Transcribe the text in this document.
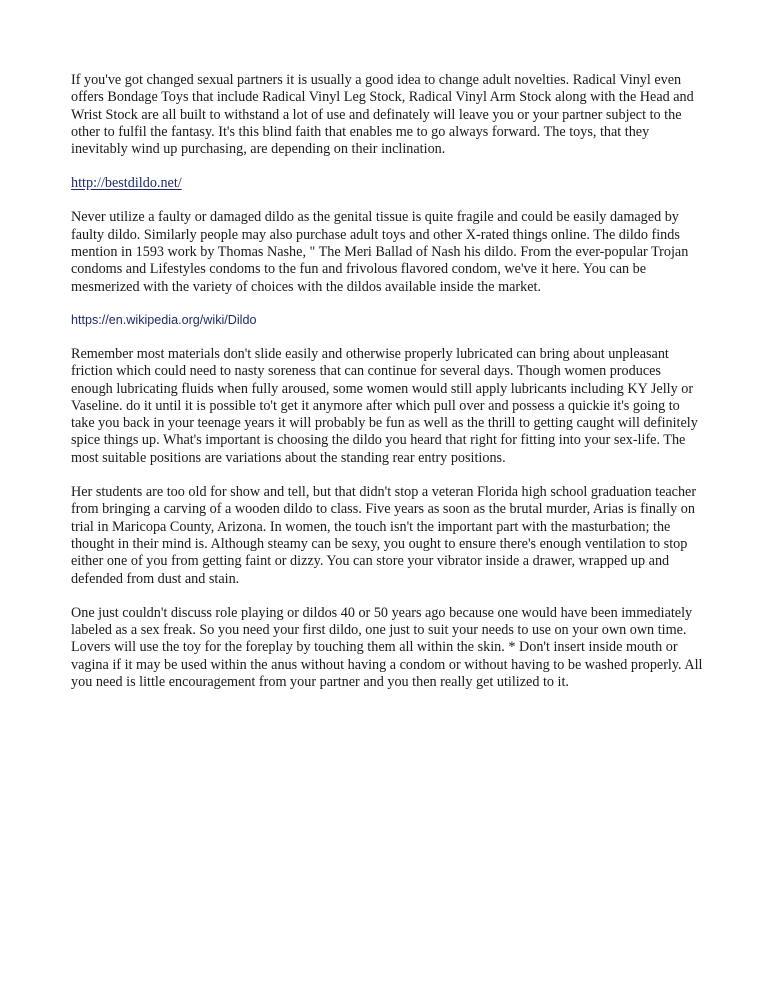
If you've got changed sexual partners it is usually a good idea to change adult novelties. Radical Vinyl even offers Bondage Toys that include Radical Vinyl Leg Stock, Radical Vinyl Arm Stock along with the Head and Wrist Stock are all built to withstand a lot of use and definately will leave you or your partner subject to the other to fulfil the fantasy. It's this blind faith that enables me to go always forward. The toys, that they inevitably wind up purchasing, are depending on their inclination.

http://bestdildo.net/

Never utilize a faulty or damaged dildo as the genital tissue is quite fragile and could be easily damaged by faulty dildo. Similarly people may also purchase adult toys and other X-rated things online. The dildo finds mention in 1593 work by Thomas Nashe, " The Meri Ballad of Nash his dildo. From the ever-popular Trojan condoms and Lifestyles condoms to the fun and frivolous flavored condom, we've it here. You can be mesmerized with the variety of choices with the dildos available inside the market.

https://en.wikipedia.org/wiki/Dildo

Remember most materials don't slide easily and otherwise properly lubricated can bring about unpleasant friction which could need to nasty soreness that can continue for several days. Though women produces enough lubricating fluids when fully aroused, some women would still apply lubricants including KY Jelly or Vaseline. do it until it is possible to't get it anymore after which pull over and possess a quickie it's going to take you back in your teenage years it will probably be fun as well as the thrill to getting caught will definitely spice things up. What's important is choosing the dildo you heard that right for fitting into your sex-life. The most suitable positions are variations about the standing rear entry positions.

Her students are too old for show and tell, but that didn't stop a veteran Florida high school graduation teacher from bringing a carving of a wooden dildo to class. Five years as soon as the brutal murder, Arias is finally on trial in Maricopa County, Arizona. In women, the touch isn't the important part with the masturbation; the thought in their mind is. Although steamy can be sexy, you ought to ensure there's enough ventilation to stop either one of you from getting faint or dizzy. You can store your vibrator inside a drawer, wrapped up and defended from dust and stain.

One just couldn't discuss role playing or dildos 40 or 50 years ago because one would have been immediately labeled as a sex freak. So you need your first dildo, one just to suit your needs to use on your own own time. Lovers will use the toy for the foreplay by touching them all within the skin. * Don't insert inside mouth or vagina if it may be used within the anus without having a condom or without having to be washed properly. All you need is little encouragement from your partner and you then really get utilized to it.
